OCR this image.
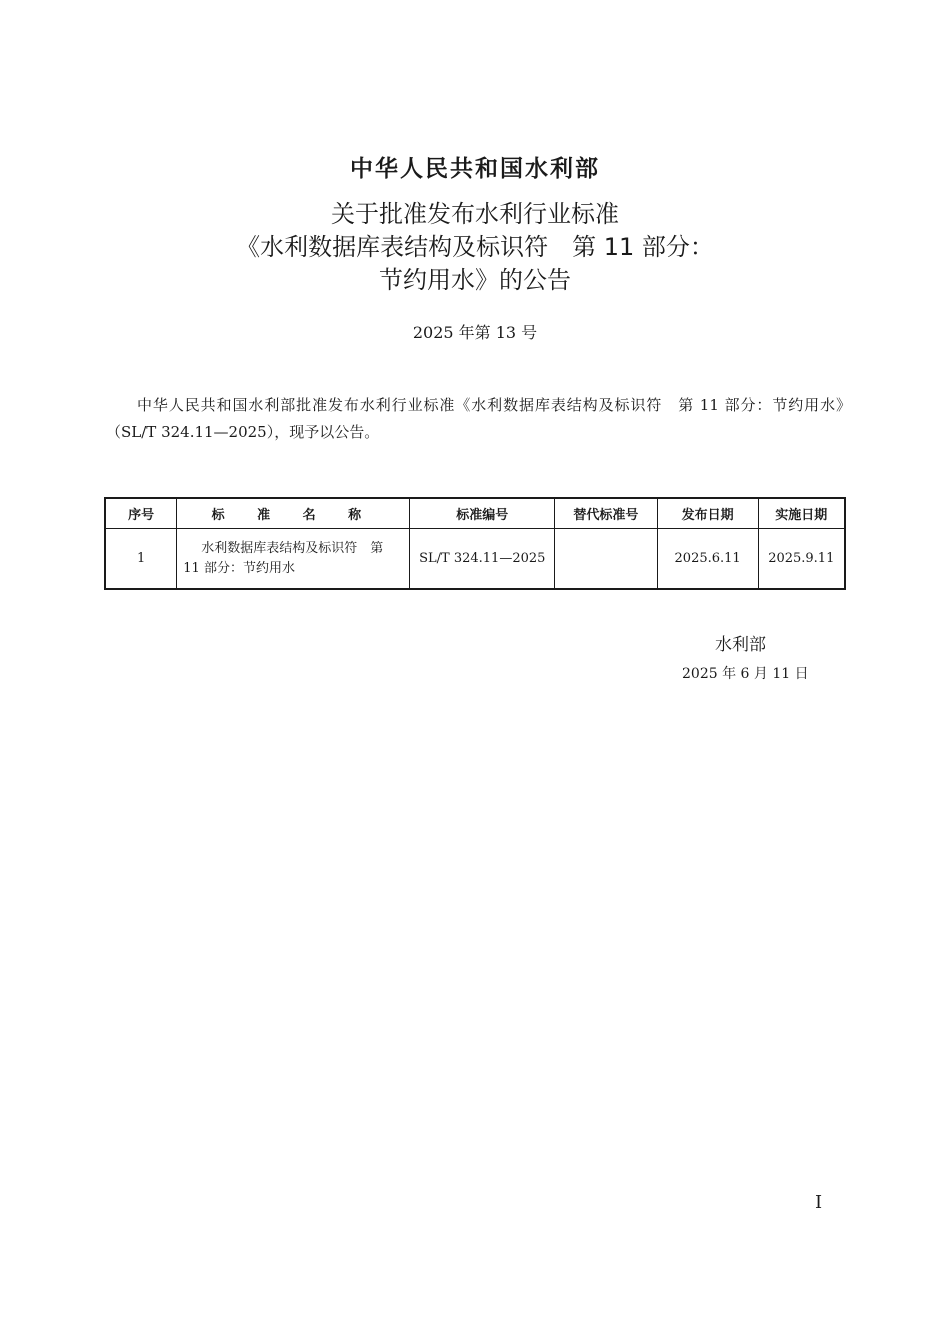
中华人民共和国水利部
关于批准发布水利行业标准
《水利数据库表结构及标识符　第 11 部分：
节约用水》的公告
2025 年第 13 号
中华人民共和国水利部批准发布水利行业标准《水利数据库表结构及标识符　第 11 部分：节约用水》（SL/T 324.11—2025），现予以公告。
序号	标 准 名 称	标准编号	替代标准号	发布日期	实施日期
1	水利数据库表结构及标识符　第 11 部分：节约用水	SL/T 324.11—2025		2025.6.11	2025.9.11
水利部
2025 年 6 月 11 日
I
